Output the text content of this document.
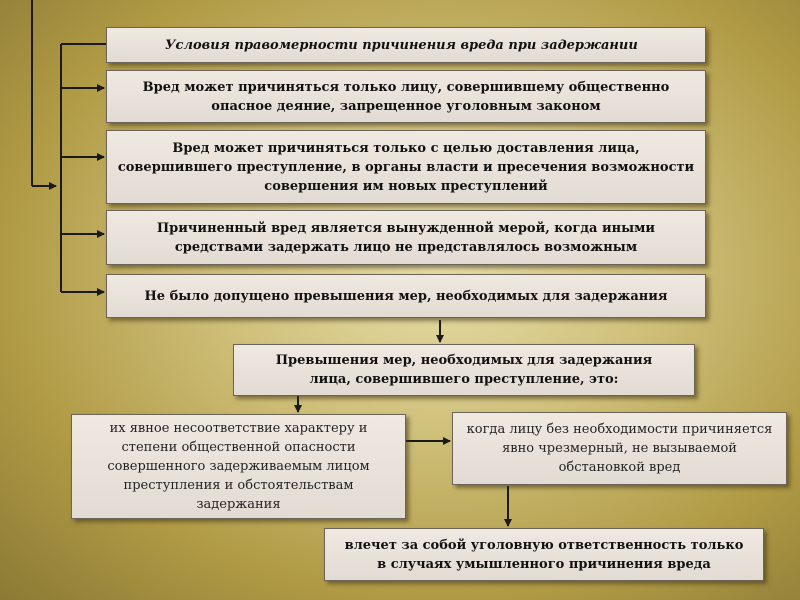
Условия правомерности причинения вреда при задержании
Вред может причиняться только лицу, совершившему общественно опасное деяние, запрещенное уголовным законом
Вред может причиняться только с целью доставления лица, совершившего преступление, в органы власти и пресечения возможности совершения им новых преступлений
Причиненный вред является вынужденной мерой, когда иными средствами задержать лицо не представлялось возможным
Не было допущено превышения мер, необходимых для задержания
Превышения мер, необходимых для задержания лица, совершившего преступление, это:
их явное несоответствие характеру и степени общественной опасности совершенного задерживаемым лицом преступления и обстоятельствам задержания
когда лицу без необходимости причиняется явно чрезмерный, не вызываемой обстановкой вред
влечет за собой уголовную ответственность только в случаях умышленного причинения вреда
